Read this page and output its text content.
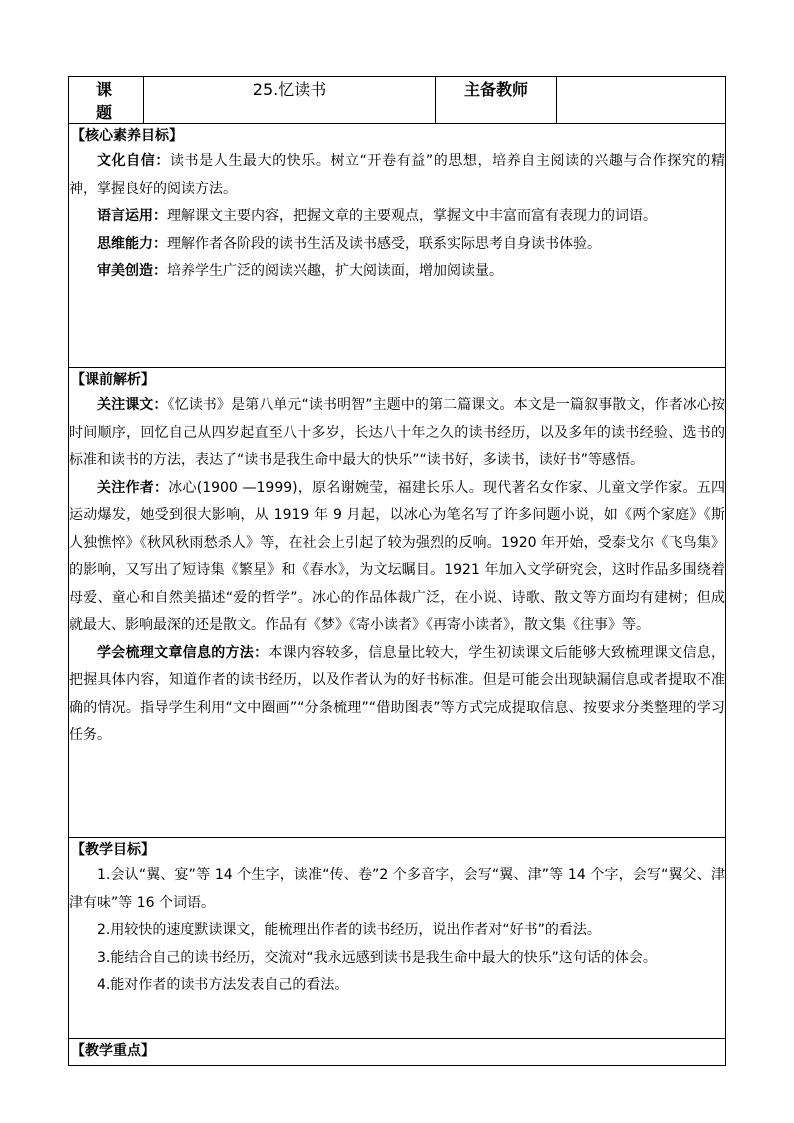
课题	25.忆读书	主备教师	

【核心素养目标】

文化自信：读书是人生最大的快乐。树立“开卷有益”的思想，培养自主阅读的兴趣与合作探究的精神，掌握良好的阅读方法。

语言运用：理解课文主要内容，把握文章的主要观点，掌握文中丰富而富有表现力的词语。

思维能力：理解作者各阶段的读书生活及读书感受，联系实际思考自身读书体验。

审美创造：培养学生广泛的阅读兴趣，扩大阅读面，增加阅读量。

【课前解析】

关注课文：《忆读书》是第八单元“读书明智”主题中的第二篇课文。本文是一篇叙事散文，作者冰心按时间顺序，回忆自己从四岁起直至八十多岁，长达八十年之久的读书经历，以及多年的读书经验、选书的标准和读书的方法，表达了“读书是我生命中最大的快乐”“读书好，多读书，读好书”等感悟。

关注作者：冰心(1900 —1999)，原名谢婉莹，福建长乐人。现代著名女作家、儿童文学作家。五四运动爆发，她受到很大影响，从 1919 年 9 月起，以冰心为笔名写了许多问题小说，如《两个家庭》《斯人独憔悴》《秋风秋雨愁杀人》等，在社会上引起了较为强烈的反响。1920 年开始，受泰戈尔《飞鸟集》的影响，又写出了短诗集《繁星》和《春水》，为文坛瞩目。1921 年加入文学研究会，这时作品多围绕着母爱、童心和自然美描述“爱的哲学”。冰心的作品体裁广泛，在小说、诗歌、散文等方面均有建树；但成就最大、影响最深的还是散文。作品有《梦》《寄小读者》《再寄小读者》，散文集《往事》等。

学会梳理文章信息的方法：本课内容较多，信息量比较大，学生初读课文后能够大致梳理课文信息，把握具体内容，知道作者的读书经历，以及作者认为的好书标准。但是可能会出现缺漏信息或者提取不准确的情况。指导学生利用“文中圈画”“分条梳理”“借助图表”等方式完成提取信息、按要求分类整理的学习任务。

【教学目标】

1.会认“翼、宴”等 14 个生字，读准“传、卷”2 个多音字，会写“翼、津”等 14 个字，会写“翼父、津津有味”等 16 个词语。

2.用较快的速度默读课文，能梳理出作者的读书经历，说出作者对“好书”的看法。

3.能结合自己的读书经历，交流对“我永远感到读书是我生命中最大的快乐”这句话的体会。

4.能对作者的读书方法发表自己的看法。

【教学重点】
